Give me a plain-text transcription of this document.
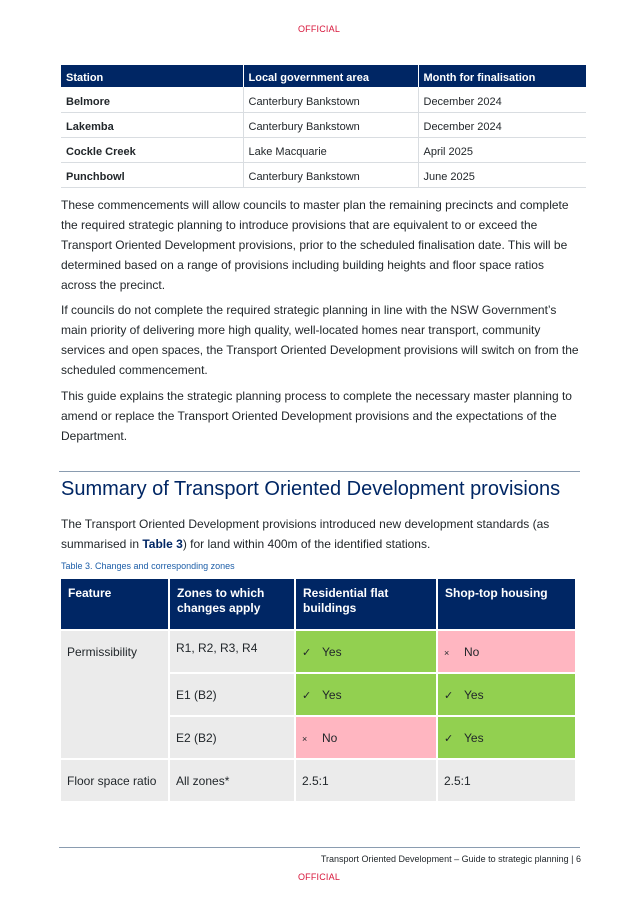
OFFICIAL
Station	Local government area	Month for finalisation
Belmore	Canterbury Bankstown	December 2024
Lakemba	Canterbury Bankstown	December 2024
Cockle Creek	Lake Macquarie	April 2025
Punchbowl	Canterbury Bankstown	June 2025

These commencements will allow councils to master plan the remaining precincts and complete the required strategic planning to introduce provisions that are equivalent to or exceed the Transport Oriented Development provisions, prior to the scheduled finalisation date. This will be determined based on a range of provisions including building heights and floor space ratios across the precinct.

If councils do not complete the required strategic planning in line with the NSW Government’s main priority of delivering more high quality, well-located homes near transport, community services and open spaces, the Transport Oriented Development provisions will switch on from the scheduled commencement.

This guide explains the strategic planning process to complete the necessary master planning to amend or replace the Transport Oriented Development provisions and the expectations of the Department.

Summary of Transport Oriented Development provisions

The Transport Oriented Development provisions introduced new development standards (as summarised in Table 3) for land within 400m of the identified stations.

Table 3. Changes and corresponding zones
Feature	Zones to which changes apply	Residential flat buildings	Shop-top housing
Permissibility	R1, R2, R3, R4	✓ Yes	× No
	E1 (B2)	✓ Yes	✓ Yes
	E2 (B2)	× No	✓ Yes
Floor space ratio	All zones*	2.5:1	2.5:1
Transport Oriented Development – Guide to strategic planning | 6
OFFICIAL
